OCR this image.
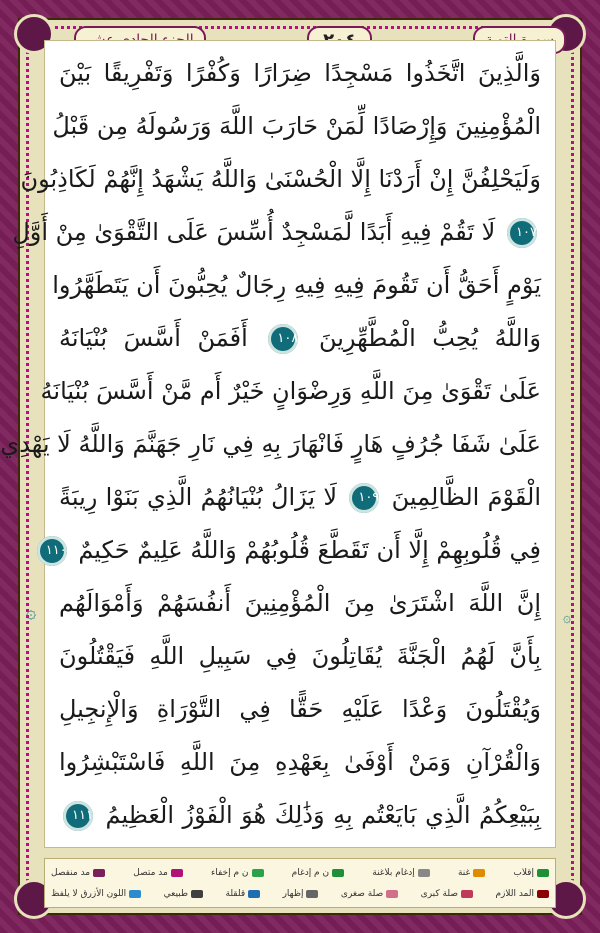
وَالَّذِينَ اتَّخَذُوا مَسْجِدًا ضِرَارًا وَكُفْرًا وَتَفْرِيقًا بَيْنَ
الْمُؤْمِنِينَ وَإِرْصَادًا لِّمَنْ حَارَبَ اللَّهَ وَرَسُولَهُ مِن قَبْلُ
وَلَيَحْلِفُنَّ إِنْ أَرَدْنَا إِلَّا الْحُسْنَىٰ وَاللَّهُ يَشْهَدُ إِنَّهُمْ لَكَاذِبُونَ
١٠٧ لَا تَقُمْ فِيهِ أَبَدًا لَّمَسْجِدٌ أُسِّسَ عَلَى التَّقْوَىٰ مِنْ أَوَّلِ
يَوْمٍ أَحَقُّ أَن تَقُومَ فِيهِ فِيهِ رِجَالٌ يُحِبُّونَ أَن يَتَطَهَّرُوا
وَاللَّهُ يُحِبُّ الْمُطَّهِّرِينَ ١٠٨ أَفَمَنْ أَسَّسَ بُنْيَانَهُ
عَلَىٰ تَقْوَىٰ مِنَ اللَّهِ وَرِضْوَانٍ خَيْرٌ أَم مَّنْ أَسَّسَ بُنْيَانَهُ
عَلَىٰ شَفَا جُرُفٍ هَارٍ فَانْهَارَ بِهِ فِي نَارِ جَهَنَّمَ وَاللَّهُ لَا يَهْدِي
الْقَوْمَ الظَّالِمِينَ ١٠٩ لَا يَزَالُ بُنْيَانُهُمُ الَّذِي بَنَوْا رِيبَةً
فِي قُلُوبِهِمْ إِلَّا أَن تَقَطَّعَ قُلُوبُهُمْ وَاللَّهُ عَلِيمٌ حَكِيمٌ ١١٠
إِنَّ اللَّهَ اشْتَرَىٰ مِنَ الْمُؤْمِنِينَ أَنفُسَهُمْ وَأَمْوَالَهُم
بِأَنَّ لَهُمُ الْجَنَّةَ يُقَاتِلُونَ فِي سَبِيلِ اللَّهِ فَيَقْتُلُونَ
وَيُقْتَلُونَ وَعْدًا عَلَيْهِ حَقًّا فِي التَّوْرَاةِ وَالْإِنجِيلِ
وَالْقُرْآنِ وَمَنْ أَوْفَىٰ بِعَهْدِهِ مِنَ اللَّهِ فَاسْتَبْشِرُوا
بِبَيْعِكُمُ الَّذِي بَايَعْتُم بِهِ وَذَٰلِكَ هُوَ الْفَوْزُ الْعَظِيمُ ١١١
۞	۞
إقلاب
غنة
إدغام بلاغنة
ن م إدغام
ن م إخفاء
مد متصل
مد منفصل
المد اللازم
صلة كبرى
صلة صغرى
إظهار
قلقلة
طبيعي
اللون الأزرق لا يلفظ
